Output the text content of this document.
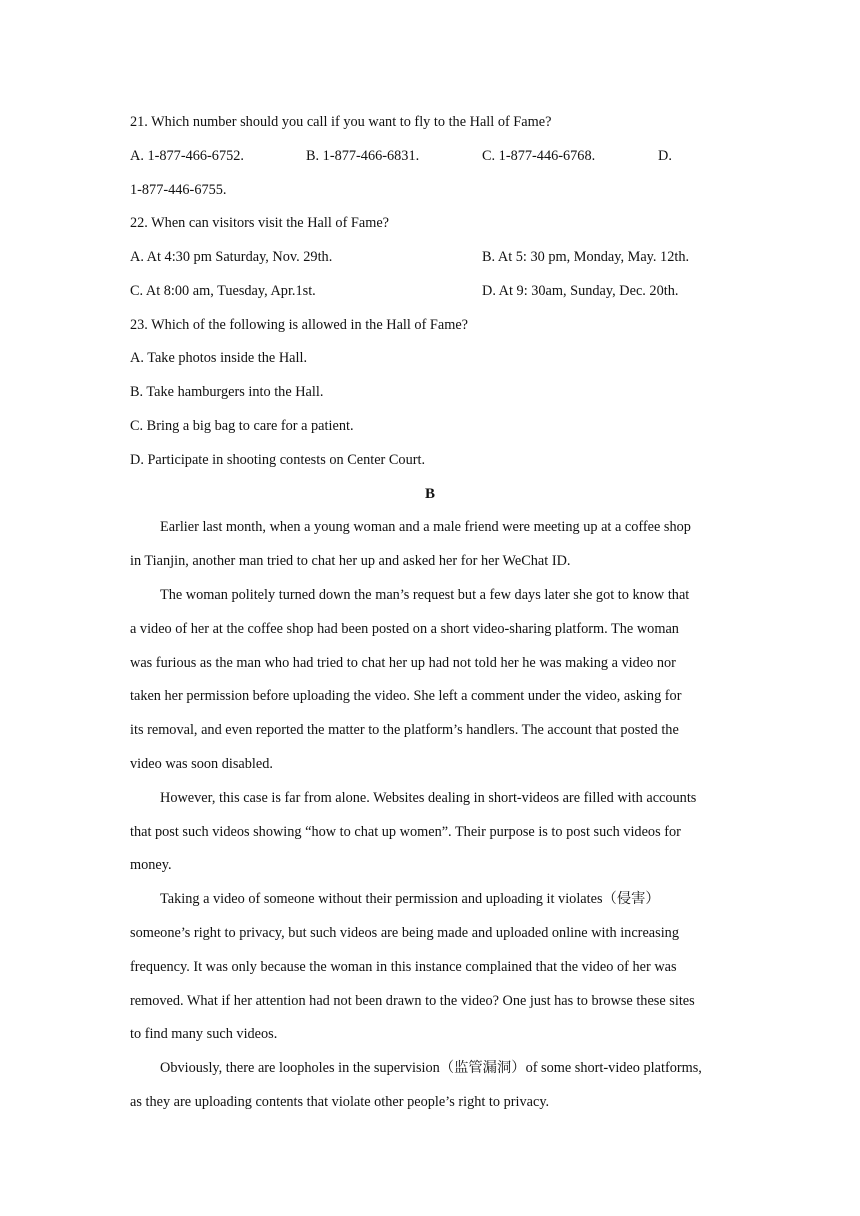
21. Which number should you call if you want to fly to the Hall of Fame?
A. 1-877-466-6752.	B. 1-877-466-6831.	C. 1-877-446-6768.	D.
1-877-446-6755.
22. When can visitors visit the Hall of Fame?
A. At 4:30 pm Saturday, Nov. 29th.	B. At 5: 30 pm, Monday, May. 12th.
C. At 8:00 am, Tuesday, Apr.1st.	D. At 9: 30am, Sunday, Dec. 20th.
23. Which of the following is allowed in the Hall of Fame?
A. Take photos inside the Hall.
B. Take hamburgers into the Hall.
C. Bring a big bag to care for a patient.
D. Participate in shooting contests on Center Court.
B
Earlier last month, when a young woman and a male friend were meeting up at a coffee shop
in Tianjin, another man tried to chat her up and asked her for her WeChat ID.
The woman politely turned down the man’s request but a few days later she got to know that
a video of her at the coffee shop had been posted on a short video-sharing platform. The woman
was furious as the man who had tried to chat her up had not told her he was making a video nor
taken her permission before uploading the video. She left a comment under the video, asking for
its removal, and even reported the matter to the platform’s handlers. The account that posted the
video was soon disabled.
However, this case is far from alone. Websites dealing in short-videos are filled with accounts
that post such videos showing “how to chat up women”. Their purpose is to post such videos for
money.
Taking a video of someone without their permission and uploading it violates（侵害）
someone’s right to privacy, but such videos are being made and uploaded online with increasing
frequency. It was only because the woman in this instance complained that the video of her was
removed. What if her attention had not been drawn to the video? One just has to browse these sites
to find many such videos.
Obviously, there are loopholes in the supervision（监管漏洞）of some short-video platforms,
as they are uploading contents that violate other people’s right to privacy.
